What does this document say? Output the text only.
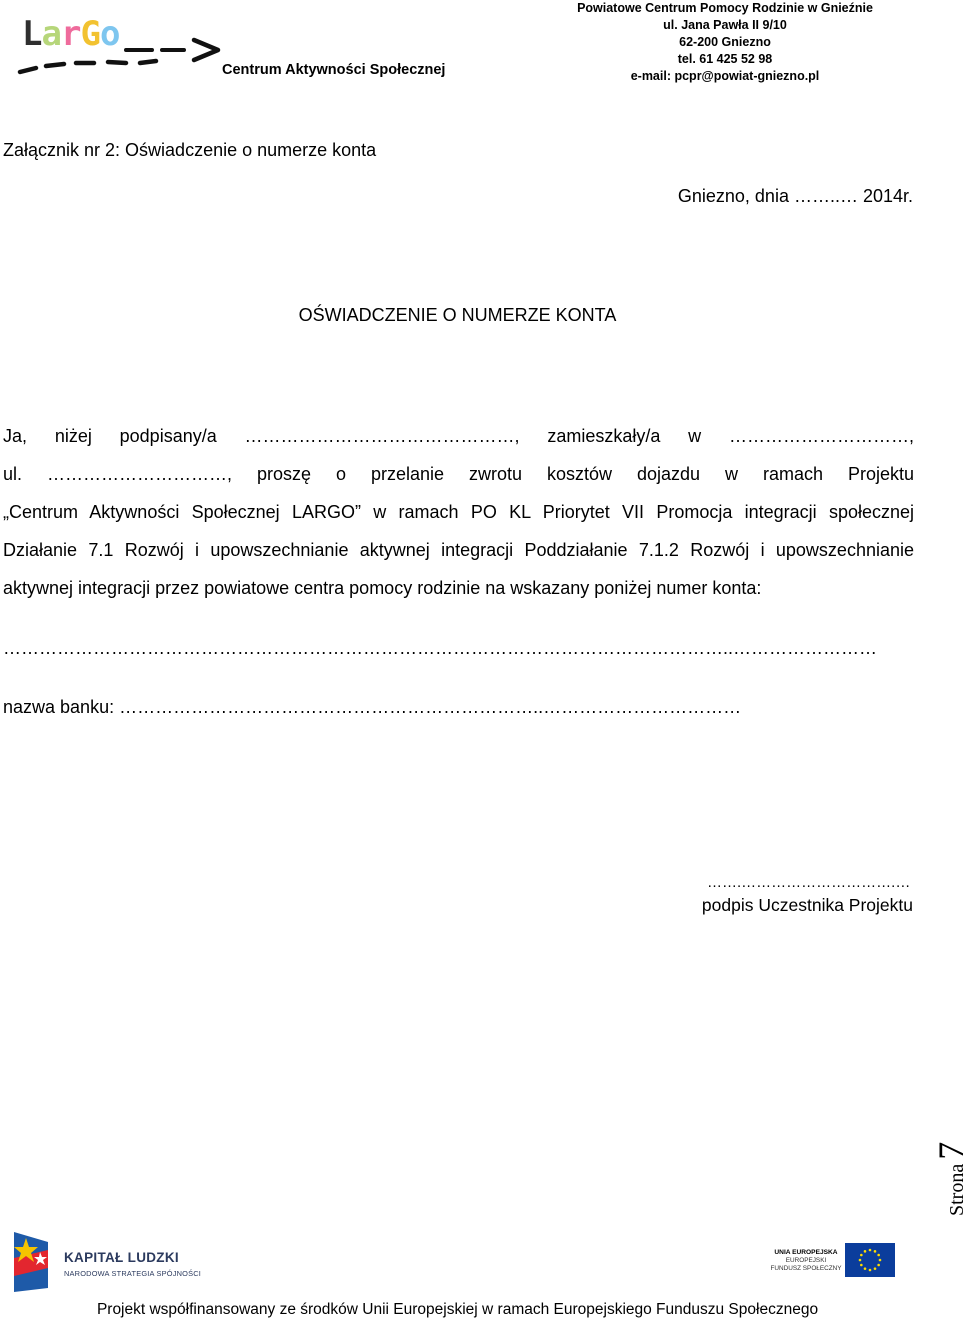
LarGo
Centrum Aktywności Społecznej
Powiatowe Centrum Pomocy Rodzinie w Gnieźnie
ul. Jana Pawła II 9/10
62-200 Gniezno
tel. 61 425 52 98
e-mail: pcpr@powiat-gniezno.pl
Załącznik nr 2: Oświadczenie o numerze konta
Gniezno, dnia ……..… 2014r.
OŚWIADCZENIE O NUMERZE KONTA
Ja, niżej podpisany/a ………………………………………, zamieszkały/a w …………………………,
ul. …………………………, proszę o przelanie zwrotu kosztów dojazdu w ramach Projektu
„Centrum Aktywności Społecznej LARGO” w ramach PO KL Priorytet VII Promocja integracji społecznej
Działanie 7.1 Rozwój i upowszechnianie aktywnej integracji Poddziałanie 7.1.2 Rozwój i upowszechnianie
aktywnej integracji przez powiatowe centra pomocy rodzinie na wskazany poniżej numer konta:
…………………………………………………………………………………………………………..……………………
nazwa banku: ……………………………………………………………..……………………………
…….………………………….…
podpis Uczestnika Projektu
Strona 7
KAPITAŁ LUDZKI
NARODOWA STRATEGIA SPÓJNOŚCI
UNIA EUROPEJSKA
EUROPEJSKI
FUNDUSZ SPOŁECZNY
Projekt współfinansowany ze środków Unii Europejskiej w ramach Europejskiego Funduszu Społecznego
